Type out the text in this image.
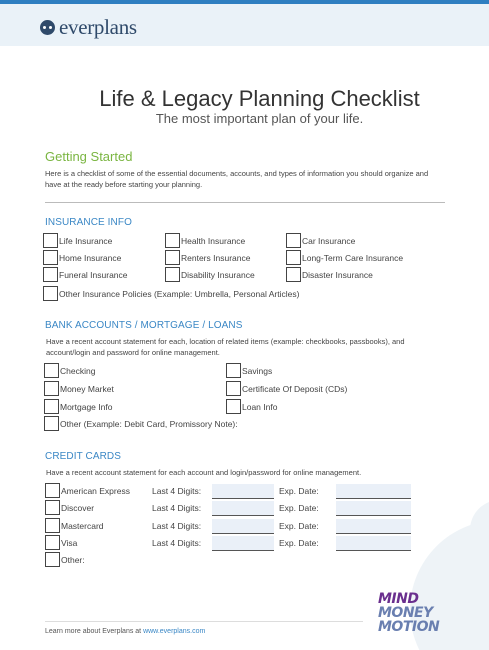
everplans
Life & Legacy Planning Checklist
The most important plan of your life.
Getting Started
Here is a checklist of some of the essential documents, accounts, and types of information you should organize and have at the ready before starting your planning.
INSURANCE INFO
Life Insurance	Health Insurance	Car Insurance
Home Insurance	Renters Insurance	Long-Term Care Insurance
Funeral Insurance	Disability Insurance	Disaster Insurance
Other Insurance Policies (Example: Umbrella, Personal Articles)
BANK ACCOUNTS / MORTGAGE / LOANS
Have a recent account statement for each, location of related items (example: checkbooks, passbooks), and account/login and password for online management.
Checking	Savings
Money Market	Certificate Of Deposit (CDs)
Mortgage Info	Loan Info
Other (Example: Debit Card, Promissory Note):
CREDIT CARDS
Have a recent account statement for each account and login/password for online management.
American Express	Last 4 Digits:	Exp. Date:
Discover	Last 4 Digits:	Exp. Date:
Mastercard	Last 4 Digits:	Exp. Date:
Visa	Last 4 Digits:	Exp. Date:
Other:
MIND
MONEY
MOTION
Learn more about Everplans at www.everplans.com
